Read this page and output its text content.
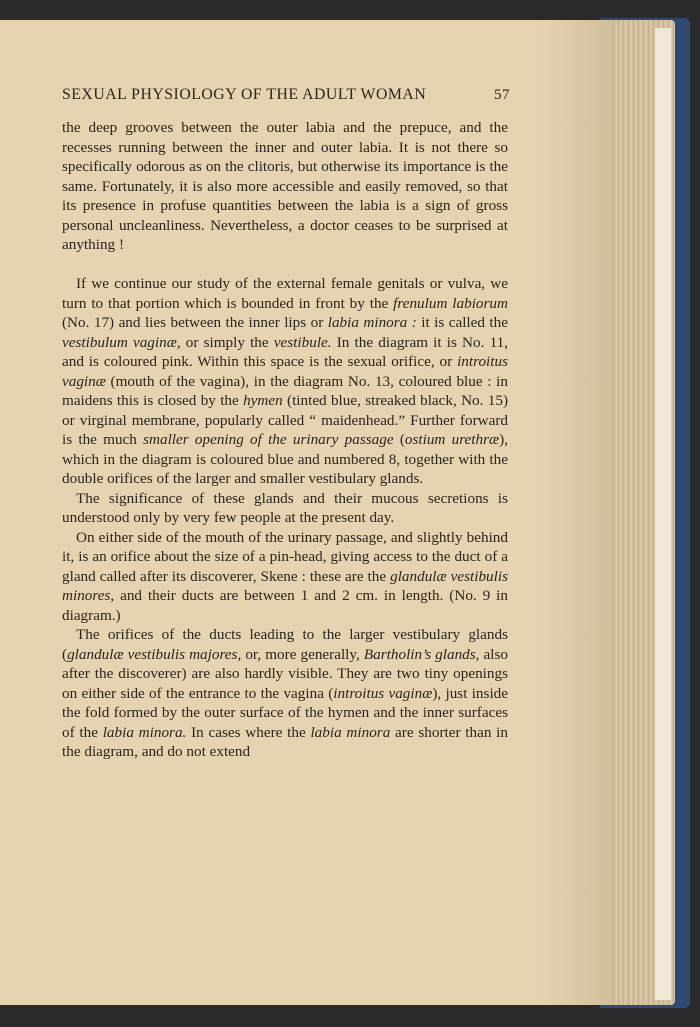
SEXUAL PHYSIOLOGY OF THE ADULT WOMAN	57

the deep grooves between the outer labia and the prepuce, and the recesses running between the inner and outer labia. It is not there so specifically odorous as on the clitoris, but otherwise its importance is the same. Fortunately, it is also more accessible and easily removed, so that its presence in profuse quantities between the labia is a sign of gross personal uncleanliness. Nevertheless, a doctor ceases to be surprised at anything !

If we continue our study of the external female genitals or vulva, we turn to that portion which is bounded in front by the frenulum labiorum (No. 17) and lies between the inner lips or labia minora : it is called the vestibulum vaginæ, or simply the vestibule. In the diagram it is No. 11, and is coloured pink. Within this space is the sexual orifice, or introitus vaginæ (mouth of the vagina), in the diagram No. 13, coloured blue : in maidens this is closed by the hymen (tinted blue, streaked black, No. 15) or virginal membrane, popularly called “ maidenhead.” Further forward is the much smaller opening of the urinary passage (ostium urethræ), which in the diagram is coloured blue and numbered 8, together with the double orifices of the larger and smaller vestibulary glands.

The significance of these glands and their mucous secretions is understood only by very few people at the present day.

On either side of the mouth of the urinary passage, and slightly behind it, is an orifice about the size of a pin-head, giving access to the duct of a gland called after its discoverer, Skene : these are the glandulæ vestibulis minores, and their ducts are between 1 and 2 cm. in length. (No. 9 in diagram.)

The orifices of the ducts leading to the larger vestibulary glands (glandulæ vestibulis majores, or, more generally, Bartholin’s glands, also after the discoverer) are also hardly visible. They are two tiny openings on either side of the entrance to the vagina (introitus vaginæ), just inside the fold formed by the outer surface of the hymen and the inner surfaces of the labia minora. In cases where the labia minora are shorter than in the diagram, and do not extend
